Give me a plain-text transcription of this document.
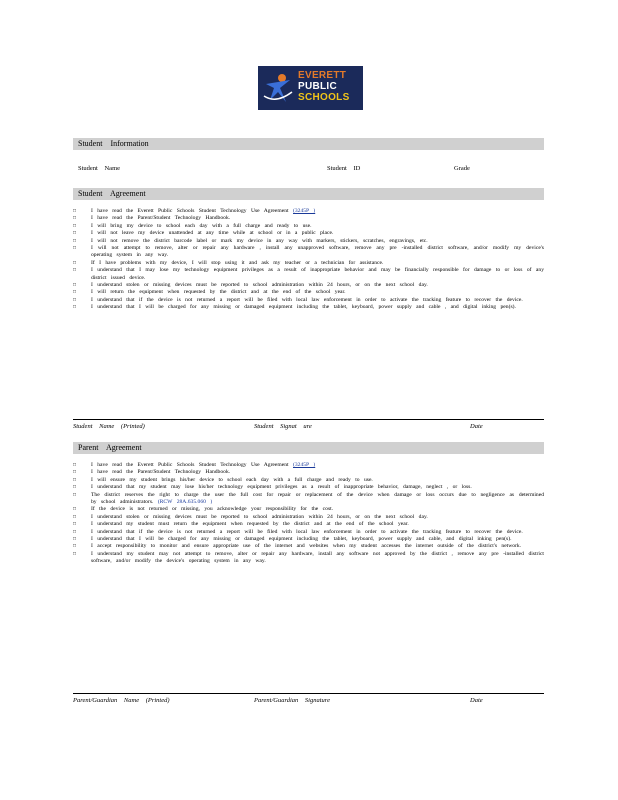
EVERETT
PUBLIC
SCHOOLS
Student Information
Student Name	Student ID	Grade
Student Agreement
□	I have read the Everett Public Schools Student Technology Use Agreement (3245P )
□	I have read the Parent/Student Technology Handbook.
□	I will bring my device to school each day with a full charge and ready to use.
□	I will not leave my device unattended at any time while at school or in a public place.
□	I will not remove the district barcode label or mark my device in any way with markers, stickers, scratches, engravings, etc.
□	I will not attempt to remove, alter or repair any hardware , install any unapproved software, remove any pre -installed district software, and/or modify my device's operating system in any way.
□	If I have problems with my device, I will stop using it and ask my teacher or a technician for assistance.
□	I understand that I may lose my technology equipment privileges as a result of inappropriate behavior and may be financially responsible for damage to or loss of any district issued device.
□	I understand stolen or missing devices must be reported to school administration within 24 hours, or on the next school day.
□	I will return the equipment when requested by the district and at the end of the school year.
□	I understand that if the device is not returned a report will be filed with local law enforcement in order to activate the tracking feature to recover the device.
□	I understand that I will be charged for any missing or damaged equipment including the tablet, keyboard, power supply and cable , and digital inking pen(s).
Student Name (Printed)	Student Signat ure	Date
Parent Agreement
□	I have read the Everett Public Schools Student Technology Use Agreement (3245P )
□	I have read the Parent/Student Technology Handbook.
□	I will ensure my student brings his/her device to school each day with a full charge and ready to use.
□	I understand that my student may lose his/her technology equipment privileges as a result of inappropriate behavior, damage, neglect , or loss.
□	The district reserves the right to charge the user the full cost for repair or replacement of the device when damage or loss occurs due to negligence as determined by school administrators. (RCW 28A.635.060 )
□	If the device is not returned or missing, you acknowledge your responsibility for the cost.
□	I understand stolen or missing devices must be reported to school administration within 24 hours, or on the next school day.
□	I understand my student must return the equipment when requested by the district and at the end of the school year.
□	I understand that if the device is not returned a report will be filed with local law enforcement in order to activate the tracking feature to recover the device.
□	I understand that I will be charged for any missing or damaged equipment including the tablet, keyboard, power supply and cable, and digital inking pen(s).
□	I accept responsibility to monitor and ensure appropriate use of the internet and websites when my student accesses the internet outside of the district's network.
□	I understand my student may not attempt to remove, alter or repair any hardware, install any software not approved by the district , remove any pre -installed district software, and/or modify the device's operating system in any way.
Parent/Guardian Name (Printed)	Parent/Guardian Signature	Date
